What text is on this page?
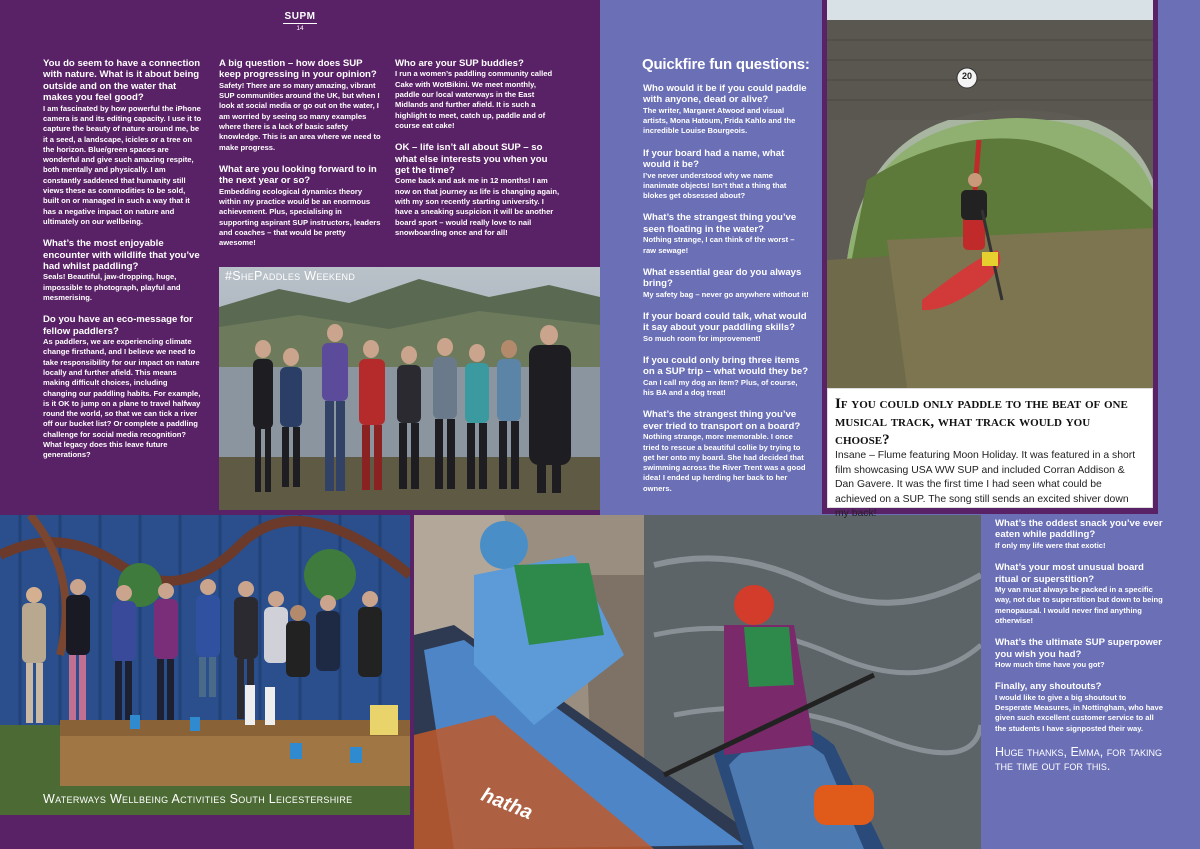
SUPM
14
You do seem to have a connection with nature. What is it about being outside and on the water that makes you feel good?
I am fascinated by how powerful the iPhone camera is and its editing capacity. I use it to capture the beauty of nature around me, be it a seed, a landscape, icicles or a tree on the horizon. Blue/green spaces are wonderful and give such amazing respite, both mentally and physically. I am constantly saddened that humanity still views these as commodities to be sold, built on or managed in such a way that it has a negative impact on nature and ultimately on our wellbeing.
What’s the most enjoyable encounter with wildlife that you’ve had whilst paddling?
Seals! Beautiful, jaw-dropping, huge, impossible to photograph, playful and mesmerising.
Do you have an eco-message for fellow paddlers?
As paddlers, we are experiencing climate change firsthand, and I believe we need to take responsibility for our impact on nature locally and further afield. This means making difficult choices, including changing our paddling habits. For example, is it OK to jump on a plane to travel halfway round the world, so that we can tick a river off our bucket list? Or complete a paddling challenge for social media recognition? What legacy does this leave future generations?
A big question – how does SUP keep progressing in your opinion?
Safety! There are so many amazing, vibrant SUP communities around the UK, but when I look at social media or go out on the water, I am worried by seeing so many examples where there is a lack of basic safety knowledge. This is an area where we need to make progress.
What are you looking forward to in the next year or so?
Embedding ecological dynamics theory within my practice would be an enormous achievement. Plus, specialising in supporting aspirant SUP instructors, leaders and coaches – that would be pretty awesome!
Who are your SUP buddies?
I run a women’s paddling community called Cake with WotBikini. We meet monthly, paddle our local waterways in the East Midlands and further afield. It is such a highlight to meet, catch up, paddle and of course eat cake!
OK – life isn’t all about SUP – so what else interests you when you get the time?
Come back and ask me in 12 months! I am now on that journey as life is changing again, with my son recently starting university. I have a sneaking suspicion it will be another board sport – would really love to nail snowboarding once and for all!
#ShePaddles Weekend
Waterways Wellbeing Activities South Leicestershire	hatha
Quickfire fun questions:
Who would it be if you could paddle with anyone, dead or alive?
The writer, Margaret Atwood and visual artists, Mona Hatoum, Frida Kahlo and the incredible Louise Bourgeois.
If your board had a name, what would it be?
I’ve never understood why we name inanimate objects! Isn’t that a thing that blokes get obsessed about?
What’s the strangest thing you’ve seen floating in the water?
Nothing strange, I can think of the worst – raw sewage!
What essential gear do you always bring?
My safety bag – never go anywhere without it!
If your board could talk, what would it say about your paddling skills?
So much room for improvement!
If you could only bring three items on a SUP trip – what would they be?
Can I call my dog an item? Plus, of course, his BA and a dog treat!
What’s the strangest thing you’ve ever tried to transport on a board?
Nothing strange, more memorable. I once tried to rescue a beautiful collie by trying to get her onto my board. She had decided that swimming across the River Trent was a good idea! I ended up herding her back to her owners.
20
If you could only paddle to the beat of one musical track, what track would you choose?
Insane – Flume featuring Moon Holiday. It was featured in a short film showcasing USA WW SUP and included Corran Addison & Dan Gavere. It was the first time I had seen what could be achieved on a SUP. The song still sends an excited shiver down my back!
What’s the oddest snack you’ve ever eaten while paddling?
If only my life were that exotic!
What’s your most unusual board ritual or superstition?
My van must always be packed in a specific way, not due to superstition but down to being menopausal. I would never find anything otherwise!
What’s the ultimate SUP superpower you wish you had?
How much time have you got?
Finally, any shoutouts?
I would like to give a big shoutout to Desperate Measures, in Nottingham, who have given such excellent customer service to all the students I have signposted their way.
Huge thanks, Emma, for taking the time out for this.
